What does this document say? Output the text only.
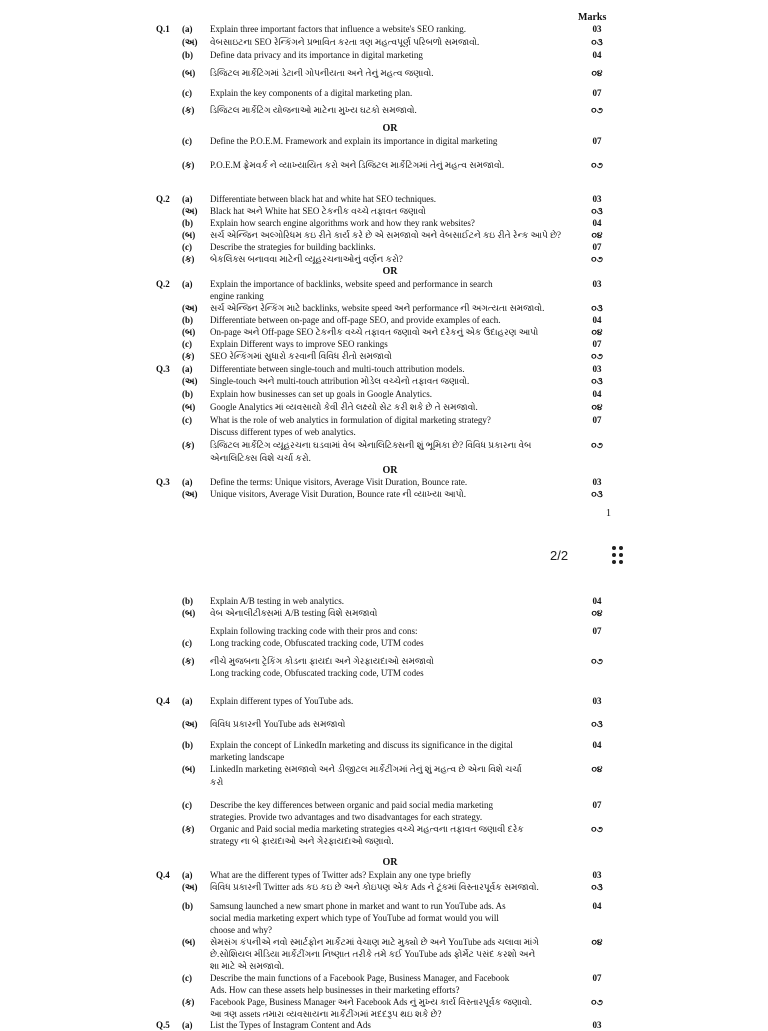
Marks
1
2/2
Q.1 (a) Explain three important factors that influence a website's SEO ranking.	03
(અ) વેબસાઇટના SEO રેન્કિંગને પ્રભાવિત કરતા ત્રણ મહત્વપૂર્ણ પરિબળો સમજાવો.	૦૩
(b) Define data privacy and its importance in digital marketing	04
(બ) ડિજિટલ માર્કેટિંગમાં ડેટાની ગોપનીયતા અને તેનું મહત્વ જણાવો.	૦૪
(c) Explain the key components of a digital marketing plan.	07
(ક) ડિજિટલ માર્કેટિંગ યોજનાઓ માટેના મુખ્ય ઘટકો સમજાવો.	૦૭
OR
(c) Define the P.O.E.M. Framework and explain its importance in digital marketing	07
(ક) P.O.E.M ફ્રેમવર્ક ને વ્યાખ્યાયિત કરો અને ડિજિટલ માર્કેટિંગમાં તેનું મહત્વ સમજાવો.	૦૭
Q.2 (a) Differentiate between black hat and white hat SEO techniques.	03
(અ) Black hat અને White hat SEO ટેકનીક વચ્ચે તફાવત જણાવો	૦૩
(b) Explain how search engine algorithms work and how they rank websites?	04
(બ) સર્ચ એન્જિન અલ્ગોરિધમ કઇ રીતે કાર્ય કરે છે એ સમજાવો અને વેબસાઈટને કઇ રીતે રેન્ક આપે છે?	૦૪
(c) Describe the strategies for building backlinks.	07
(ક) બેકલિંક્સ બનાવવા માટેની વ્યૂહરચનાઓનું વર્ણન કરો?	૦૭
OR
Q.2 (a) Explain the importance of backlinks, website speed and performance in search	03
engine ranking
(અ) સર્ચ એન્જિન રેન્કિંગ માટે backlinks, website speed અને performance ની અગત્યતા સમજાવો.	૦૩
(b) Differentiate between on-page and off-page SEO, and provide examples of each.	04
(બ) On-page અને Off-page SEO ટેકનીક વચ્ચે તફાવત જણાવો અને દરેકનું એક ઉદાહરણ આપો	૦૪
(c) Explain Different ways to improve SEO rankings	07
(ક) SEO રેન્કિંગમાં સુધારો કરવાની વિવિધ રીતો સમજાવો	૦૭
Q.3 (a) Differentiate between single-touch and multi-touch attribution models.	03
(અ) Single-touch અને multi-touch attribution મોડેલ વચ્ચેનો તફાવત જણાવો.	૦૩
(b) Explain how businesses can set up goals in Google Analytics.	04
(બ) Google Analytics માં વ્યવસાયો કેવી રીતે લક્ષ્યો સેટ કરી શકે છે તે સમજાવો.	૦૪
(c) What is the role of web analytics in formulation of digital marketing strategy?	07
Discuss different types of web analytics.
(ક) ડિજિટલ માર્કેટિંગ વ્યૂહરચના ઘડવામાં વેબ એનાલિટિક્સની શું ભૂમિકા છે? વિવિધ પ્રકારના વેબ	૦૭
એનાલિટિક્સ વિશે ચર્ચા કરો.
OR
Q.3 (a) Define the terms: Unique visitors, Average Visit Duration, Bounce rate.	03
(અ) Unique visitors, Average Visit Duration, Bounce rate ની વ્યાખ્યા આપો.	૦૩
(b) Explain A/B testing in web analytics.	04
(બ) વેબ એનાલીટીક્સમાં A/B testing વિશે સમજાવો	૦૪
Explain following tracking code with their pros and cons:	07
(c) Long tracking code, Obfuscated tracking code, UTM codes
(ક) નીચે મુજબના ટ્રેકિંગ કોડના ફાયદા અને ગેરફાયદાઓ સમજાવો	૦૭
Long tracking code, Obfuscated tracking code, UTM codes
Q.4 (a) Explain different types of YouTube ads.	03
(અ) વિવિધ પ્રકારની YouTube ads સમજાવો	૦૩
(b) Explain the concept of LinkedIn marketing and discuss its significance in the digital	04
marketing landscape
(બ) LinkedIn marketing સમજાવો અને ડીજીટલ માર્કેટીંગમાં તેનું શું મહત્વ છે એના વિશે ચર્ચા	૦૪
કરો
(c) Describe the key differences between organic and paid social media marketing	07
strategies. Provide two advantages and two disadvantages for each strategy.
(ક) Organic and Paid social media marketing strategies વચ્ચે મહત્વના તફાવત જણાવી દરેક	૦૭
strategy ના બે ફાયદાઓ અને ગેરફાયદાઓ જણાવો.
OR
Q.4 (a) What are the different types of Twitter ads? Explain any one type briefly	03
(અ) વિવિધ પ્રકારની Twitter ads કઇ કઇ છે અને કોઇપણ એક Ads ને ટૂંકમાં વિસ્તારપૂર્વક સમજાવો.	૦૩
(b) Samsung launched a new smart phone in market and want to run YouTube ads. As	04
social media marketing expert which type of YouTube ad format would you will
choose and why?
(બ) સેમસંગ કંપનીએ નવો સ્માર્ટફોન માર્કેટમાં વેચાણ માટે મુક્યો છે અને YouTube ads ચલાવા માંગે	૦૪
છે.સોશિયલ મીડિયા માર્કેટીંગના નિષ્ણાત તરીકે તમે કઈ YouTube ads ફોર્મેટ પસંદ કરશો અને
શા માટે એ સમજાવો.
(c) Describe the main functions of a Facebook Page, Business Manager, and Facebook	07
Ads. How can these assets help businesses in their marketing efforts?
(ક) Facebook Page, Business Manager અને Facebook Ads નું મુખ્ય કાર્ય વિસ્તારપૂર્વક જણાવો.	૦૭
આ ત્રણ assets તમારા વ્યવસાયના માર્કેટીંગમાં મદદરૂપ થઇ શકે છે?
Q.5 (a) List the Types of Instagram Content and Ads	03
